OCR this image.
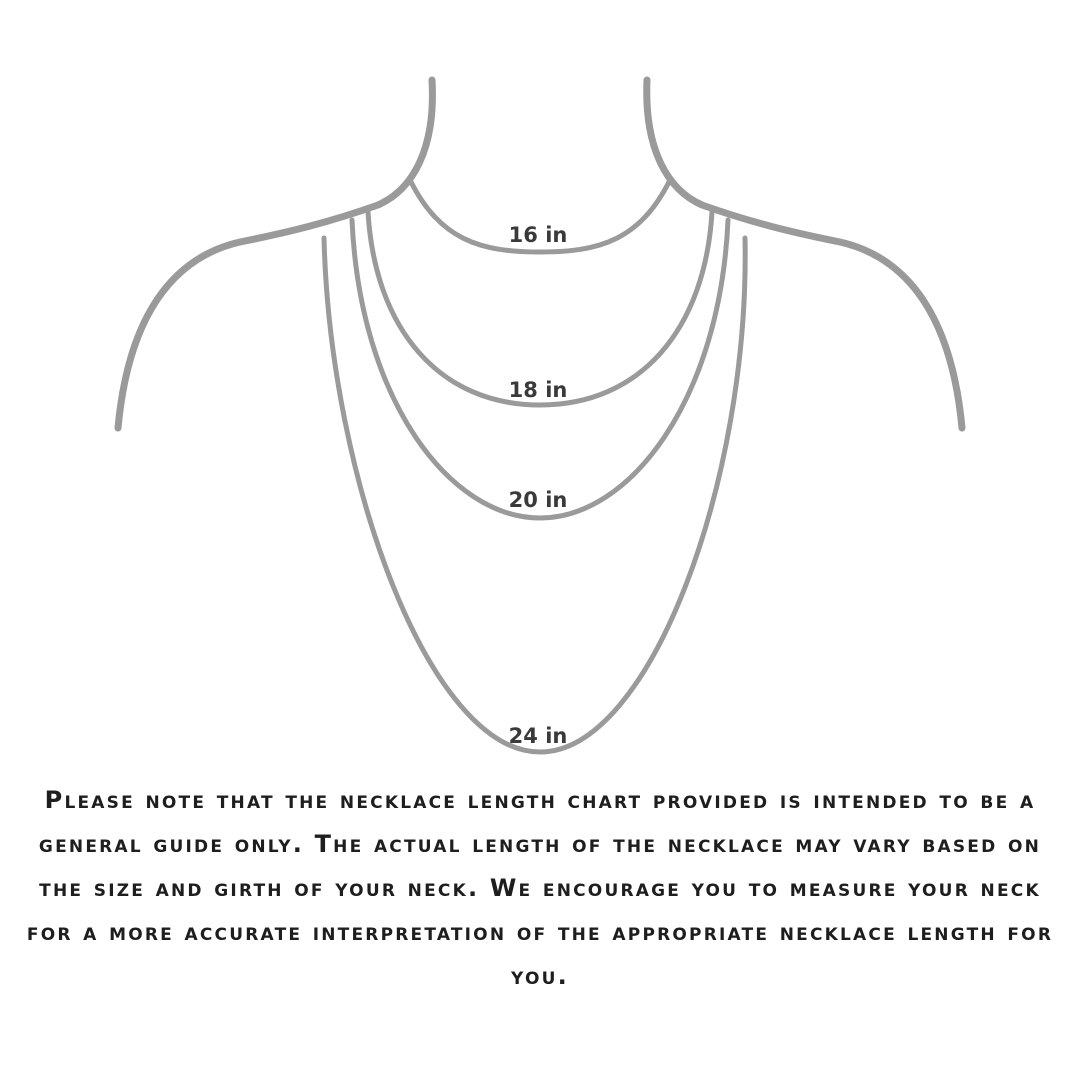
16 in
18 in
20 in
24 in

Please note that the necklace length chart provided is intended to be a general guide only. The actual length of the necklace may vary based on the size and girth of your neck. We encourage you to measure your neck for a more accurate interpretation of the appropriate necklace length for you.
